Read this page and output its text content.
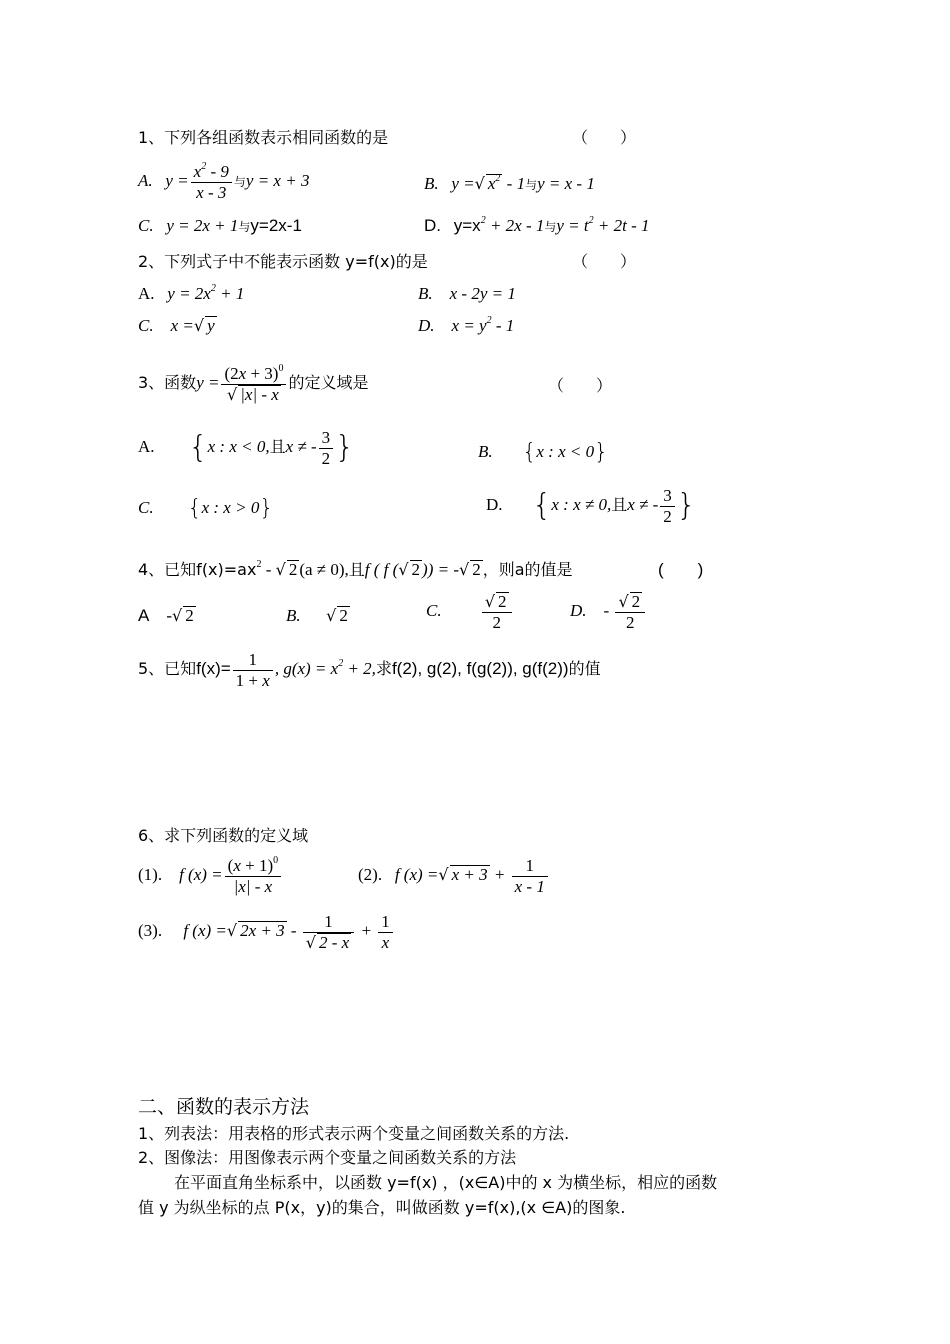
1、下列各组函数表示相同函数的是	（　　）
A. $y = \frac{x^2 - 9}{x - 3}$ 与y = x + 3	B. y =√ $x^2 - 1$与y = x - 1
C. y = 2x + 1与y=2x-1	D. $y=x^2 + 2x - 1$与$y = t^2 + 2t - 1$
2、下列式子中不能表示函数 y=f(x)的是	（　　）
A. $y = 2x^2 + 1$	B. x - 2y = 1
C. x =√ y	D. $x = y^2 - 1$
3、函数$y = \frac{(2x + 3)^0}{√ |x| - x}$ 的定义域是	（　　）
A. {x : x < 0,且x ≠ - $\frac{3}{2}$ }	B. {x : x < 0}
C. {x : x > 0}	D. {x : x ≠ 0,且x ≠ - $\frac{3}{2}$ }
4、已知$f(x)=ax^2$ - √ 2 (a ≠ 0),且f ( f (√ 2 )) = -√ 2 ，则a的值是	(　　)
A -√ 2	B. √ 2	C.	$\frac{√ 2}{2}$	D. - $\frac{√ 2}{2}$
5、已知$f(x)= \frac{1}{1 + x}$ , $g(x) = x^2 + 2$,求f(2), g(2), f(g(2)), g(f(2))的值
6、求下列函数的定义域
(1). f $(x) = \frac{(x + 1)^0}{|x| - x}$	(2). f (x) =√ $x + 3 + \frac{1}{x - 1}$
(3). f (x) =√ $2x + 3 - \frac{1}{√ 2 - x} + \frac{1}{x}$
二、函数的表示方法
1、列表法：用表格的形式表示两个变量之间函数关系的方法.
2、图像法：用图像表示两个变量之间函数关系的方法
在平面直角坐标系中，以函数 y=f(x) ，(x∈A)中的 x 为横坐标，相应的函数
值 y 为纵坐标的点 P(x，y)的集合，叫做函数 y=f(x),(x ∈A)的图象.
